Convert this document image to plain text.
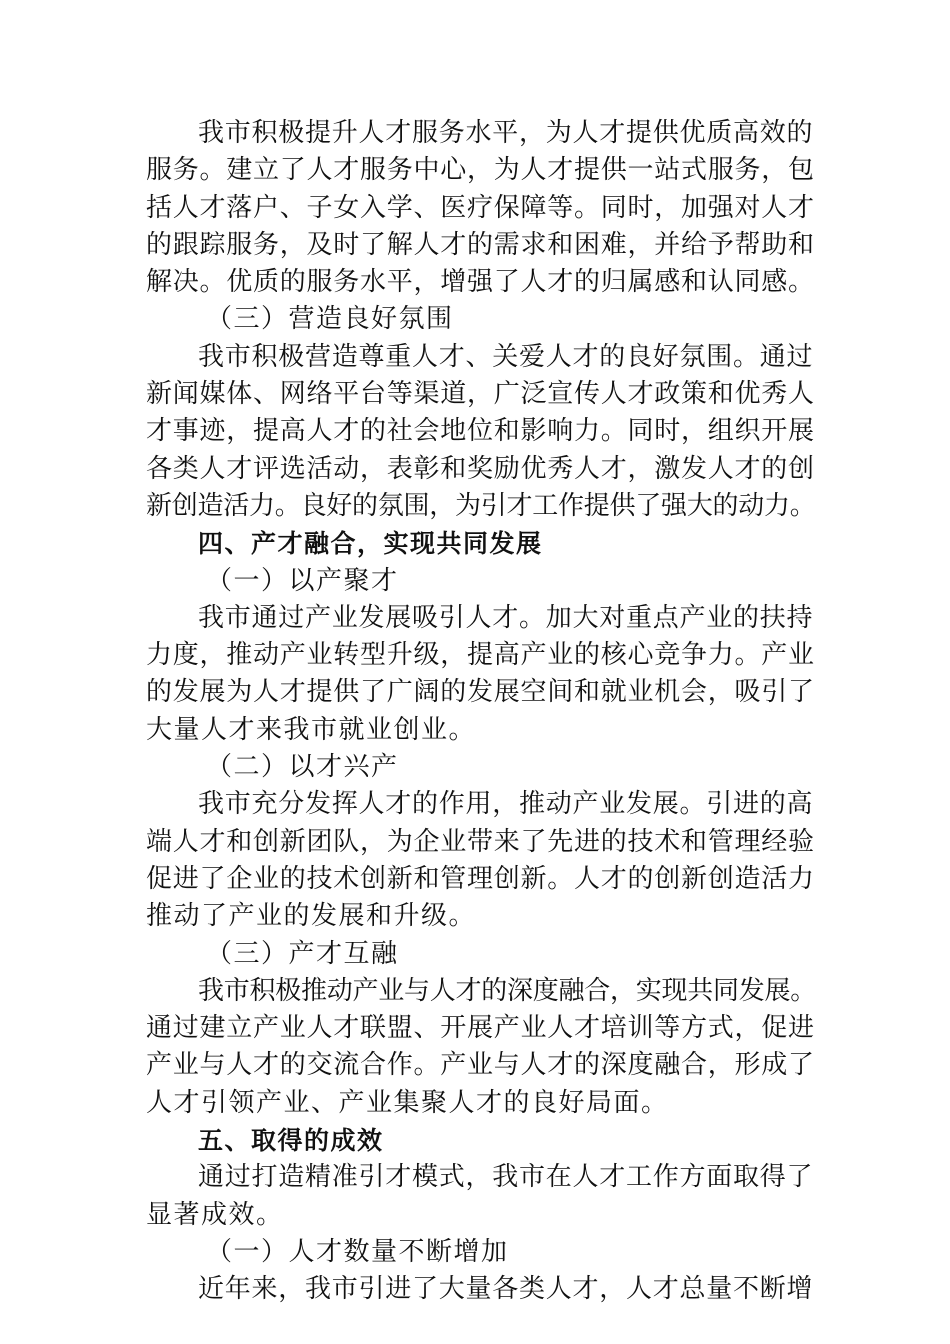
我市积极提升人才服务水平，为人才提供优质高效的
服务。建立了人才服务中心，为人才提供一站式服务，包
括人才落户、子女入学、医疗保障等。同时，加强对人才
的跟踪服务，及时了解人才的需求和困难，并给予帮助和
解决。优质的服务水平，增强了人才的归属感和认同感。
（三）营造良好氛围
我市积极营造尊重人才、关爱人才的良好氛围。通过
新闻媒体、网络平台等渠道，广泛宣传人才政策和优秀人
才事迹，提高人才的社会地位和影响力。同时，组织开展
各类人才评选活动，表彰和奖励优秀人才，激发人才的创
新创造活力。良好的氛围，为引才工作提供了强大的动力。
四、产才融合，实现共同发展
（一）以产聚才
我市通过产业发展吸引人才。加大对重点产业的扶持
力度，推动产业转型升级，提高产业的核心竞争力。产业
的发展为人才提供了广阔的发展空间和就业机会，吸引了
大量人才来我市就业创业。
（二）以才兴产
我市充分发挥人才的作用，推动产业发展。引进的高
端人才和创新团队，为企业带来了先进的技术和管理经验
促进了企业的技术创新和管理创新。人才的创新创造活力
推动了产业的发展和升级。
（三）产才互融
我市积极推动产业与人才的深度融合，实现共同发展。
通过建立产业人才联盟、开展产业人才培训等方式，促进
产业与人才的交流合作。产业与人才的深度融合，形成了
人才引领产业、产业集聚人才的良好局面。
五、取得的成效
通过打造精准引才模式，我市在人才工作方面取得了
显著成效。
（一）人才数量不断增加
近年来，我市引进了大量各类人才，人才总量不断增
